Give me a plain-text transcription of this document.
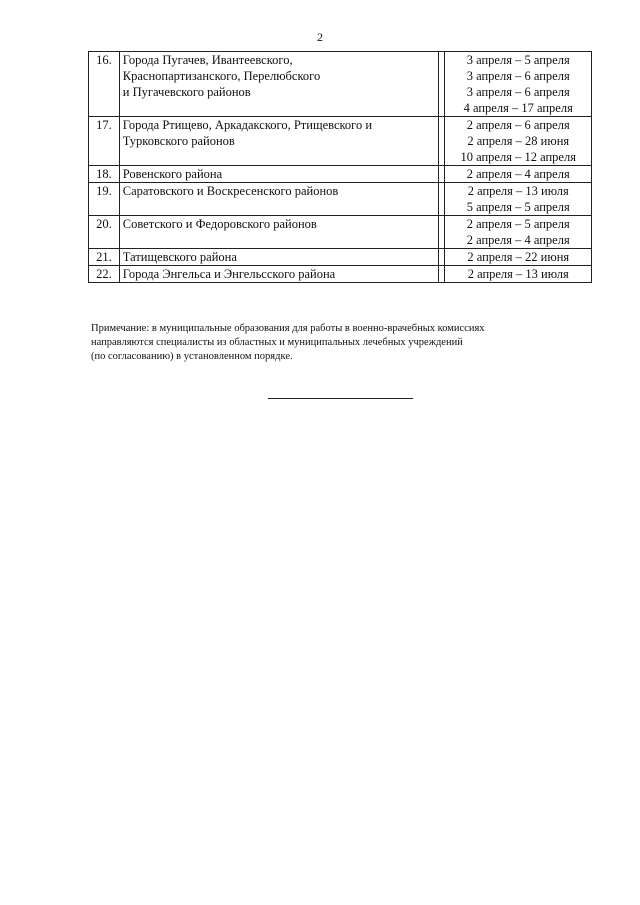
2
16.	Города Пугачев, Ивантеевского,
Краснопартизанского, Перелюбского
и Пугачевского районов		3 апреля – 5 апреля
3 апреля – 6 апреля
3 апреля – 6 апреля
4 апреля – 17 апреля

17.	Города Ртищево, Аркадакского, Ртищевского и
Турковского районов		2 апреля – 6 апреля
2 апреля – 28 июня
10 апреля – 12 апреля

18.	Ровенского района		2 апреля – 4 апреля

19.	Саратовского и Воскресенского районов		2 апреля – 13 июля
5 апреля – 5 апреля

20.	Советского и Федоровского районов		2 апреля – 5 апреля
2 апреля – 4 апреля

21.	Татищевского района		2 апреля – 22 июня

22.	Города Энгельса и Энгельсского района		2 апреля – 13 июля
Примечание: в муниципальные образования для работы в военно-врачебных комиссиях
направляются специалисты из областных и муниципальных лечебных учреждений
(по согласованию) в установленном порядке.
